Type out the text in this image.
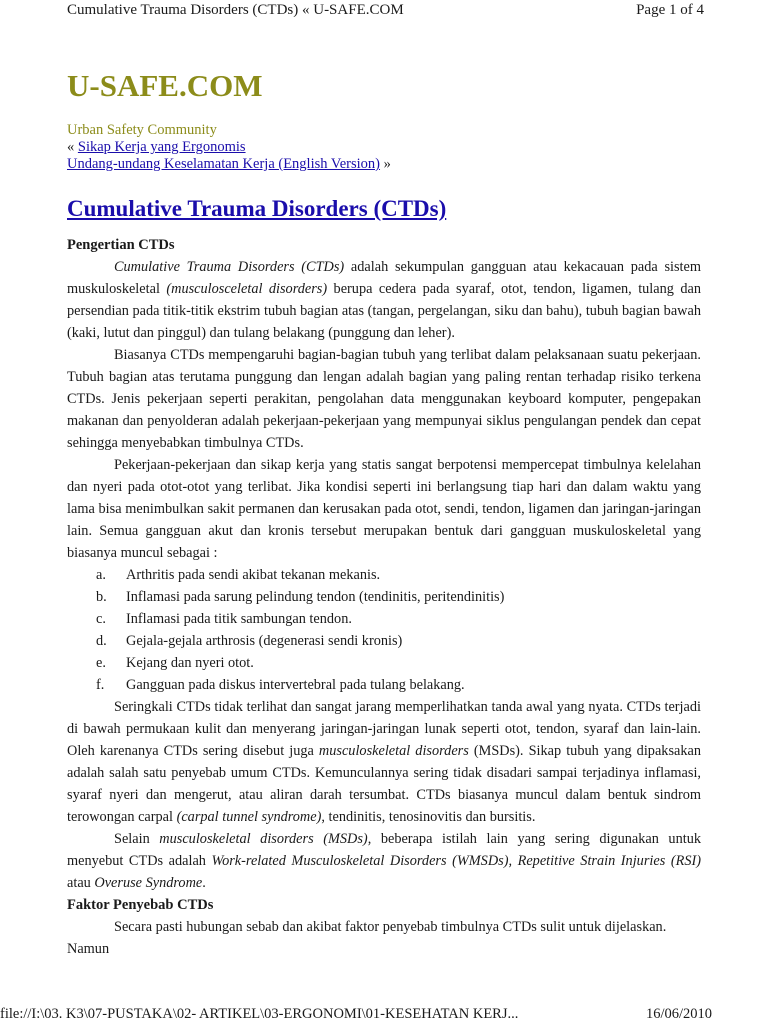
Cumulative Trauma Disorders (CTDs) « U-SAFE.COM	Page 1 of 4
U-SAFE.COM
Urban Safety Community
« Sikap Kerja yang Ergonomis
Undang-undang Keselamatan Kerja (English Version) »
Cumulative Trauma Disorders (CTDs)
Pengertian CTDs
Cumulative Trauma Disorders (CTDs) adalah sekumpulan gangguan atau kekacauan pada sistem muskuloskeletal (musculosceletal disorders) berupa cedera pada syaraf, otot, tendon, ligamen, tulang dan persendian pada titik-titik ekstrim tubuh bagian atas (tangan, pergelangan, siku dan bahu), tubuh bagian bawah (kaki, lutut dan pinggul) dan tulang belakang (punggung dan leher).
Biasanya CTDs mempengaruhi bagian-bagian tubuh yang terlibat dalam pelaksanaan suatu pekerjaan. Tubuh bagian atas terutama punggung dan lengan adalah bagian yang paling rentan terhadap risiko terkena CTDs. Jenis pekerjaan seperti perakitan, pengolahan data menggunakan keyboard komputer, pengepakan makanan dan penyolderan adalah pekerjaan-pekerjaan yang mempunyai siklus pengulangan pendek dan cepat sehingga menyebabkan timbulnya CTDs.
Pekerjaan-pekerjaan dan sikap kerja yang statis sangat berpotensi mempercepat timbulnya kelelahan dan nyeri pada otot-otot yang terlibat. Jika kondisi seperti ini berlangsung tiap hari dan dalam waktu yang lama bisa menimbulkan sakit permanen dan kerusakan pada otot, sendi, tendon, ligamen dan jaringan-jaringan lain. Semua gangguan akut dan kronis tersebut merupakan bentuk dari gangguan muskuloskeletal yang biasanya muncul sebagai :
a.	Arthritis pada sendi akibat tekanan mekanis.
b.	Inflamasi pada sarung pelindung tendon (tendinitis, peritendinitis)
c.	Inflamasi pada titik sambungan tendon.
d.	Gejala-gejala arthrosis (degenerasi sendi kronis)
e.	Kejang dan nyeri otot.
f.	Gangguan pada diskus intervertebral pada tulang belakang.
Seringkali CTDs tidak terlihat dan sangat jarang memperlihatkan tanda awal yang nyata. CTDs terjadi di bawah permukaan kulit dan menyerang jaringan-jaringan lunak seperti otot, tendon, syaraf dan lain-lain. Oleh karenanya CTDs sering disebut juga musculoskeletal disorders (MSDs). Sikap tubuh yang dipaksakan adalah salah satu penyebab umum CTDs. Kemunculannya sering tidak disadari sampai terjadinya inflamasi, syaraf nyeri dan mengerut, atau aliran darah tersumbat. CTDs biasanya muncul dalam bentuk sindrom terowongan carpal (carpal tunnel syndrome), tendinitis, tenosinovitis dan bursitis.
Selain musculoskeletal disorders (MSDs), beberapa istilah lain yang sering digunakan untuk menyebut CTDs adalah Work-related Musculoskeletal Disorders (WMSDs), Repetitive Strain Injuries (RSI) atau Overuse Syndrome.
Faktor Penyebab CTDs
Secara pasti hubungan sebab dan akibat faktor penyebab timbulnya CTDs sulit untuk dijelaskan. Namun
file://I:\03. K3\07-PUSTAKA\02- ARTIKEL\03-ERGONOMI\01-KESEHATAN KERJ...	16/06/2010
